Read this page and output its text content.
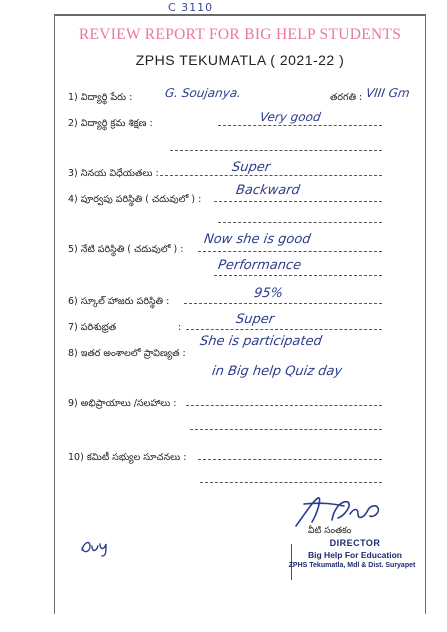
C 3110
REVIEW REPORT FOR BIG HELP STUDENTS
ZPHS TEKUMATLA ( 2021-22 )
1) విద్యార్థి పేరు :	G. Soujanya.	తరగతి : VIII Gm
2) విద్యార్థి క్రమ శిక్షణ :	Very good
3) నినయ విధేయతలు :	Super
4) పూర్వపు పరిస్థితి ( చదువులో ) :
Backward
5) నేటి పరిస్థితి ( చదువులో ) :
Now she is good
Performance
6) స్కూల్ హాజరు పరిస్థితి :
95%
7) పరిశుభ్రత	:
Super
8) ఇతర అంశాలలో ప్రావిణ్యత :
She is participated
in Big help Quiz day
9) అభిప్రాయాలు /సలహాలు :
10) కమిటీ సభ్యుల సూచనలు :
వీటి సంతకం
DIRECTOR
Big Help For Education
ZPHS Tekumatla, Mdl & Dist. Suryapet
